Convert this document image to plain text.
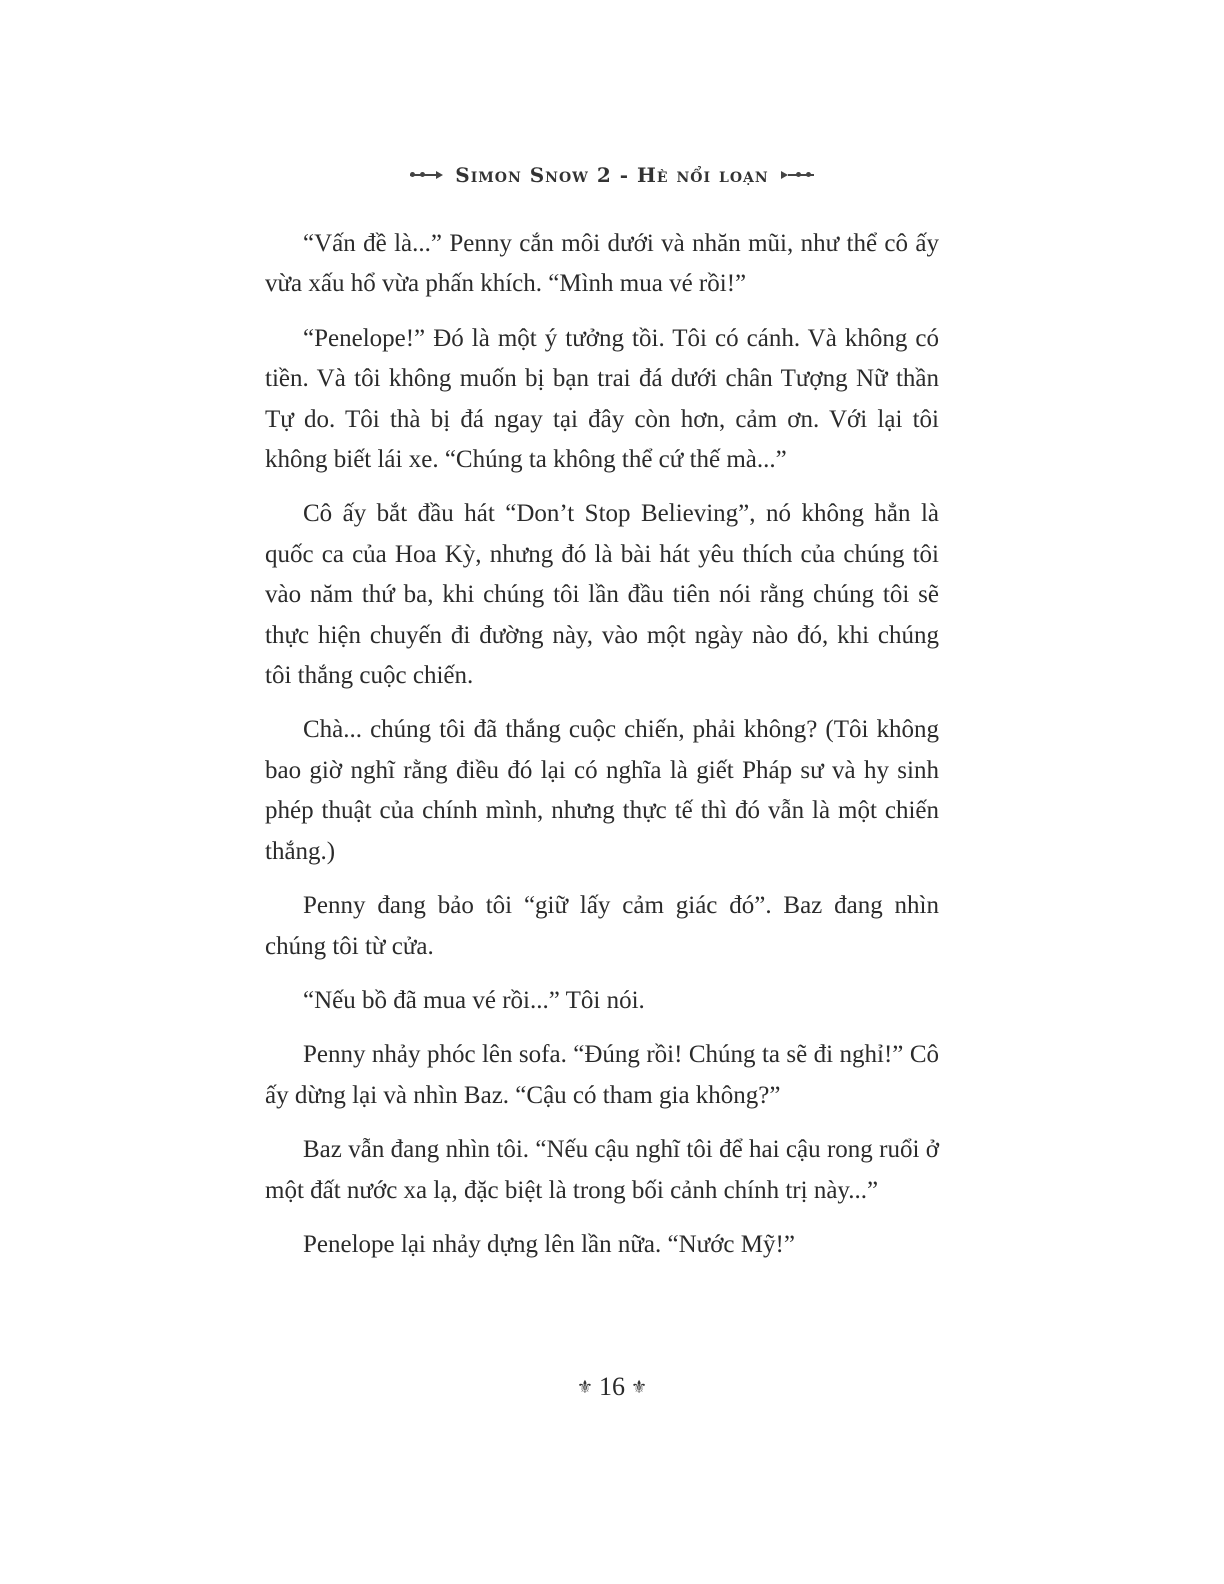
Simon Snow 2 - Hè nổi loạn

“Vấn đề là...” Penny cắn môi dưới và nhăn mũi, như thể cô ấy vừa xấu hổ vừa phấn khích. “Mình mua vé rồi!”

“Penelope!” Đó là một ý tưởng tồi. Tôi có cánh. Và không có tiền. Và tôi không muốn bị bạn trai đá dưới chân Tượng Nữ thần Tự do. Tôi thà bị đá ngay tại đây còn hơn, cảm ơn. Với lại tôi không biết lái xe. “Chúng ta không thể cứ thế mà...”

Cô ấy bắt đầu hát “Don’t Stop Believing”, nó không hẳn là quốc ca của Hoa Kỳ, nhưng đó là bài hát yêu thích của chúng tôi vào năm thứ ba, khi chúng tôi lần đầu tiên nói rằng chúng tôi sẽ thực hiện chuyến đi đường này, vào một ngày nào đó, khi chúng tôi thắng cuộc chiến.

Chà... chúng tôi đã thắng cuộc chiến, phải không? (Tôi không bao giờ nghĩ rằng điều đó lại có nghĩa là giết Pháp sư và hy sinh phép thuật của chính mình, nhưng thực tế thì đó vẫn là một chiến thắng.)

Penny đang bảo tôi “giữ lấy cảm giác đó”. Baz đang nhìn chúng tôi từ cửa.

“Nếu bồ đã mua vé rồi...” Tôi nói.

Penny nhảy phóc lên sofa. “Đúng rồi! Chúng ta sẽ đi nghỉ!” Cô ấy dừng lại và nhìn Baz. “Cậu có tham gia không?”

Baz vẫn đang nhìn tôi. “Nếu cậu nghĩ tôi để hai cậu rong ruổi ở một đất nước xa lạ, đặc biệt là trong bối cảnh chính trị này...”

Penelope lại nhảy dựng lên lần nữa. “Nước Mỹ!”

⚜ 16 ⚜
